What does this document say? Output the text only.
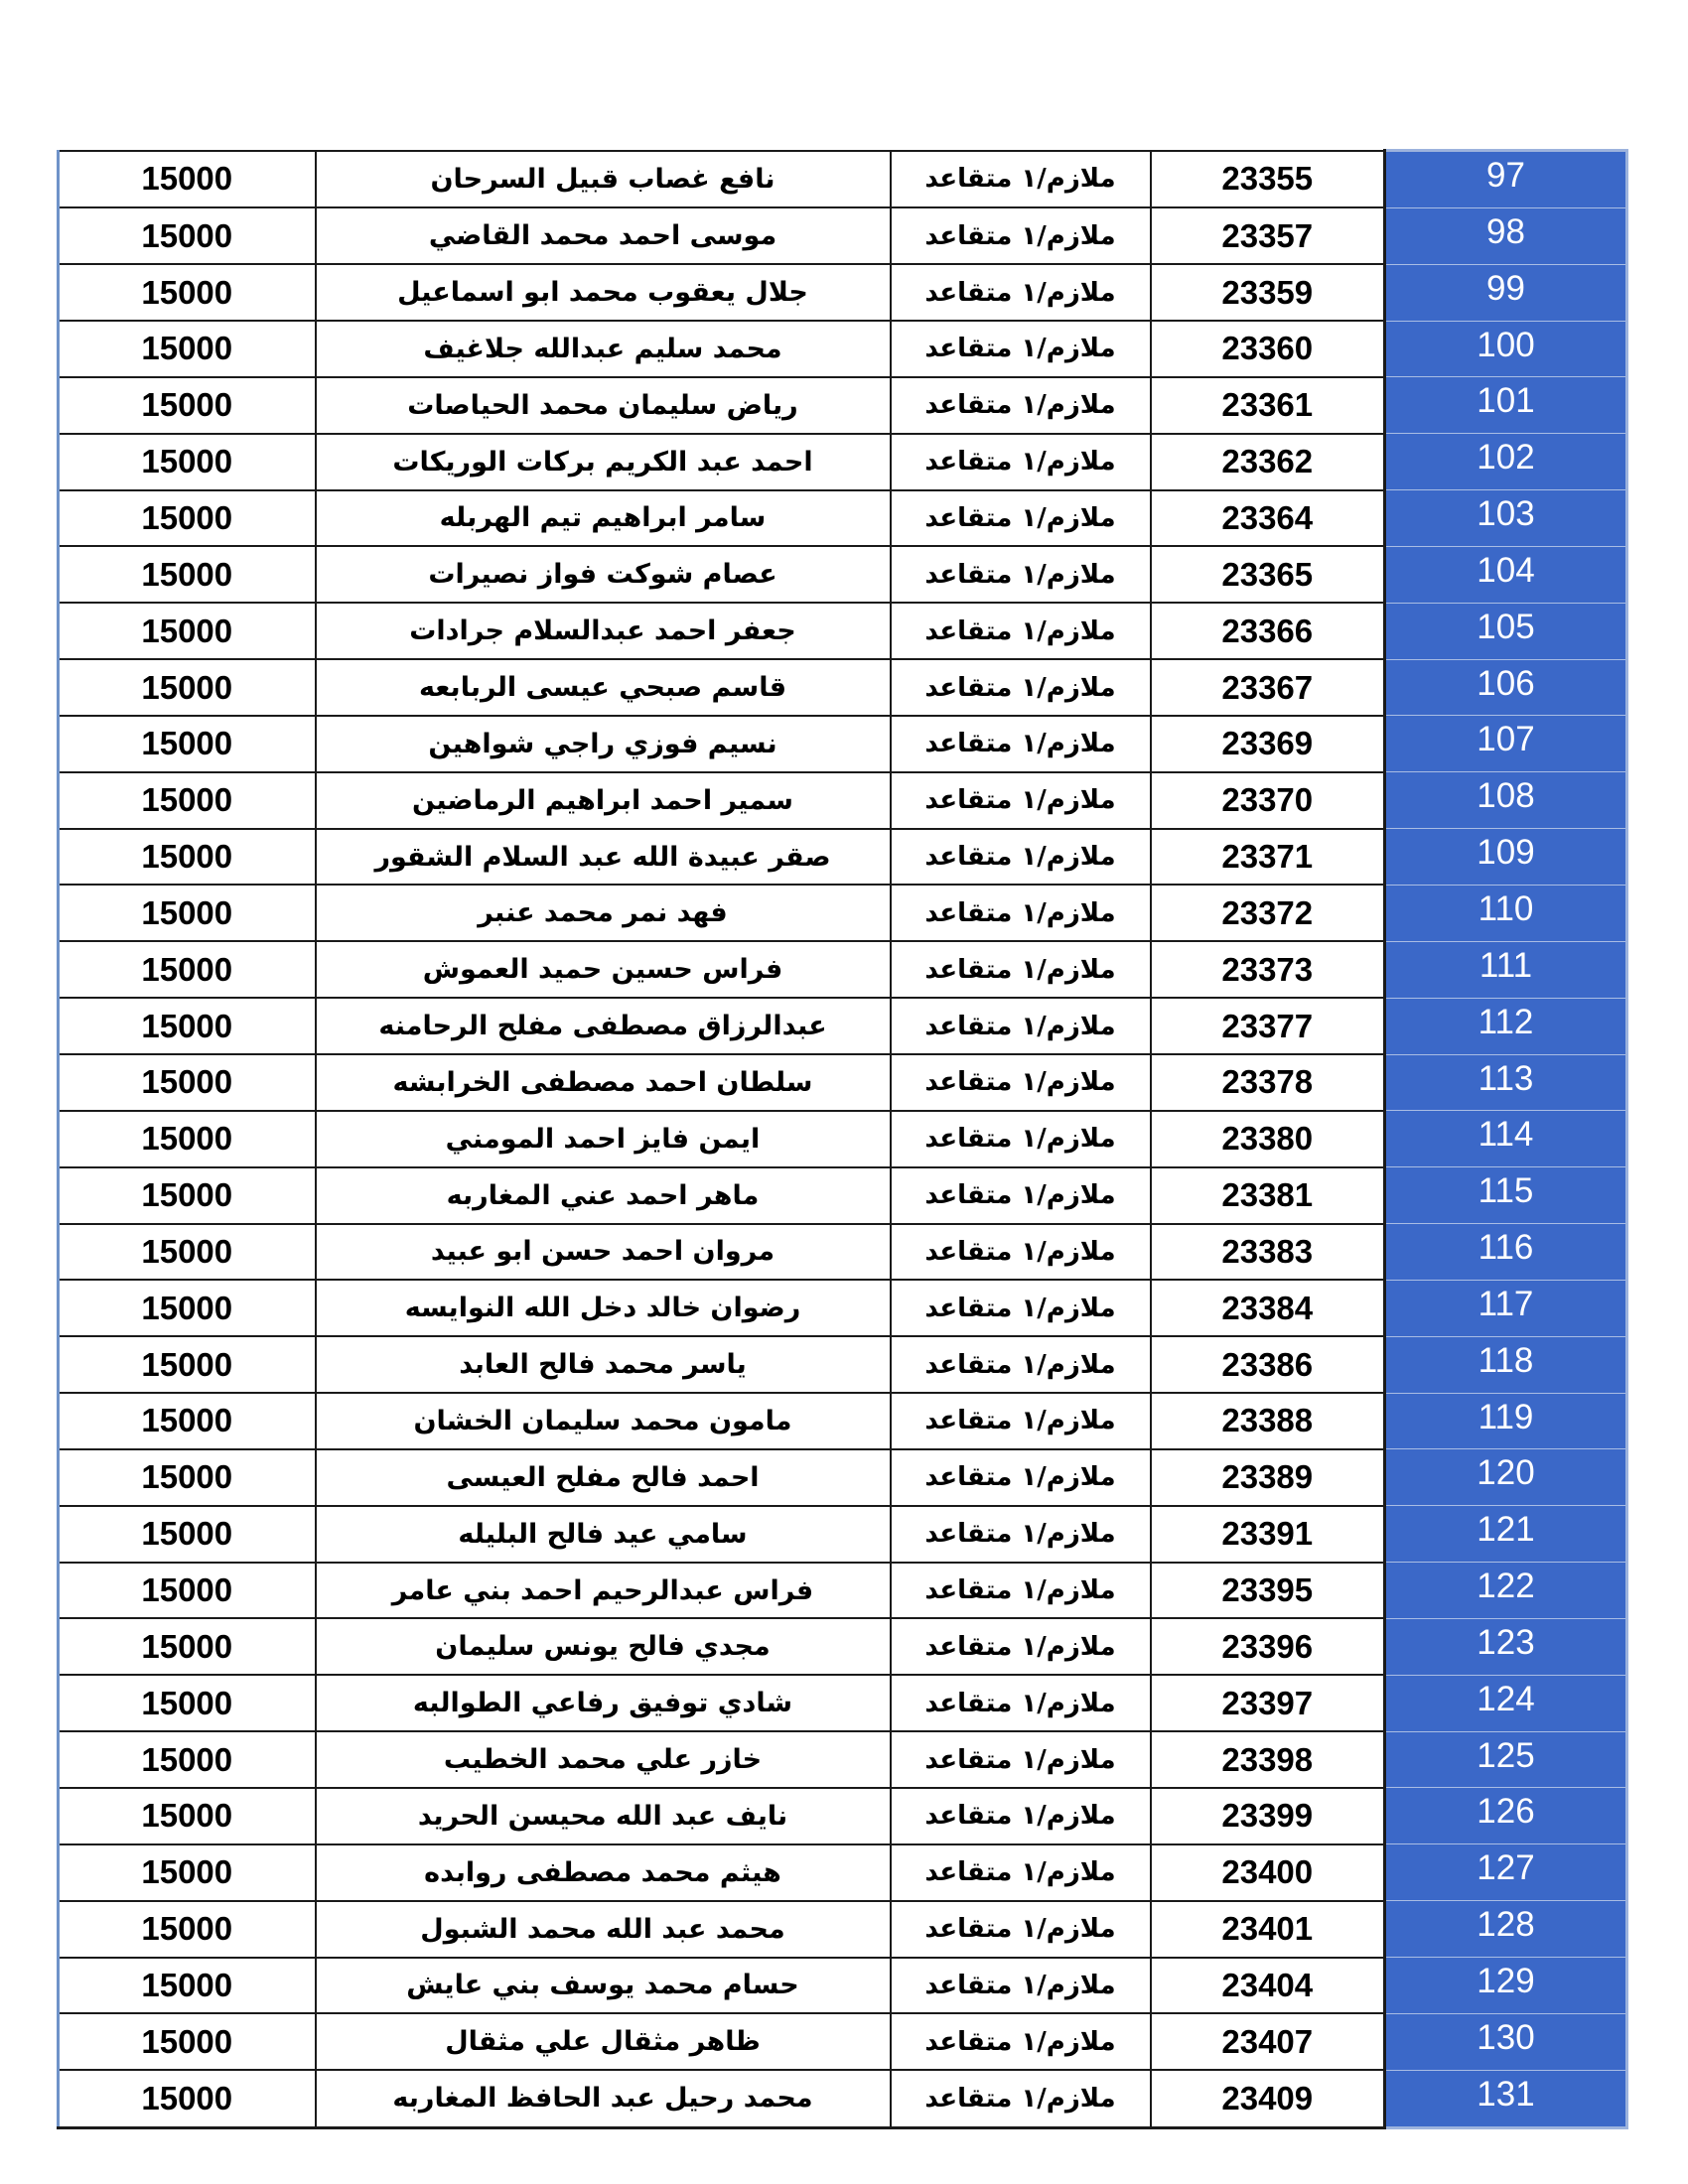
15000	نافع غصاب قبيل السرحان	ملازم/١ متقاعد	23355	97
15000	موسى احمد محمد القاضي	ملازم/١ متقاعد	23357	98
15000	جلال يعقوب محمد ابو اسماعيل	ملازم/١ متقاعد	23359	99
15000	محمد سليم عبدالله جلاغيف	ملازم/١ متقاعد	23360	100
15000	رياض سليمان محمد الحياصات	ملازم/١ متقاعد	23361	101
15000	احمد عبد الكريم بركات الوريكات	ملازم/١ متقاعد	23362	102
15000	سامر ابراهيم تيم الهربله	ملازم/١ متقاعد	23364	103
15000	عصام شوكت فواز نصيرات	ملازم/١ متقاعد	23365	104
15000	جعفر احمد عبدالسلام جرادات	ملازم/١ متقاعد	23366	105
15000	قاسم صبحي عيسى الربابعه	ملازم/١ متقاعد	23367	106
15000	نسيم فوزي راجي شواهين	ملازم/١ متقاعد	23369	107
15000	سمير احمد ابراهيم الرماضين	ملازم/١ متقاعد	23370	108
15000	صقر عبيدة الله عبد السلام الشقور	ملازم/١ متقاعد	23371	109
15000	فهد نمر محمد عنبر	ملازم/١ متقاعد	23372	110
15000	فراس حسين حميد العموش	ملازم/١ متقاعد	23373	111
15000	عبدالرزاق مصطفى مفلح الرحامنه	ملازم/١ متقاعد	23377	112
15000	سلطان احمد مصطفى الخرابشه	ملازم/١ متقاعد	23378	113
15000	ايمن فايز احمد المومني	ملازم/١ متقاعد	23380	114
15000	ماهر احمد عني المغاربه	ملازم/١ متقاعد	23381	115
15000	مروان احمد حسن ابو عبيد	ملازم/١ متقاعد	23383	116
15000	رضوان خالد دخل الله النوايسه	ملازم/١ متقاعد	23384	117
15000	ياسر محمد فالح العابد	ملازم/١ متقاعد	23386	118
15000	مامون محمد سليمان الخشان	ملازم/١ متقاعد	23388	119
15000	احمد فالح مفلح العيسى	ملازم/١ متقاعد	23389	120
15000	سامي عيد فالح البليله	ملازم/١ متقاعد	23391	121
15000	فراس عبدالرحيم احمد بني عامر	ملازم/١ متقاعد	23395	122
15000	مجدي فالح يونس سليمان	ملازم/١ متقاعد	23396	123
15000	شادي توفيق رفاعي الطوالبه	ملازم/١ متقاعد	23397	124
15000	خازر علي محمد الخطيب	ملازم/١ متقاعد	23398	125
15000	نايف عبد الله محيسن الحريد	ملازم/١ متقاعد	23399	126
15000	هيثم محمد مصطفى روابده	ملازم/١ متقاعد	23400	127
15000	محمد عبد الله محمد الشبول	ملازم/١ متقاعد	23401	128
15000	حسام محمد يوسف بني عايش	ملازم/١ متقاعد	23404	129
15000	ظاهر مثقال علي مثقال	ملازم/١ متقاعد	23407	130
15000	محمد رحيل عبد الحافظ المغاربه	ملازم/١ متقاعد	23409	131
